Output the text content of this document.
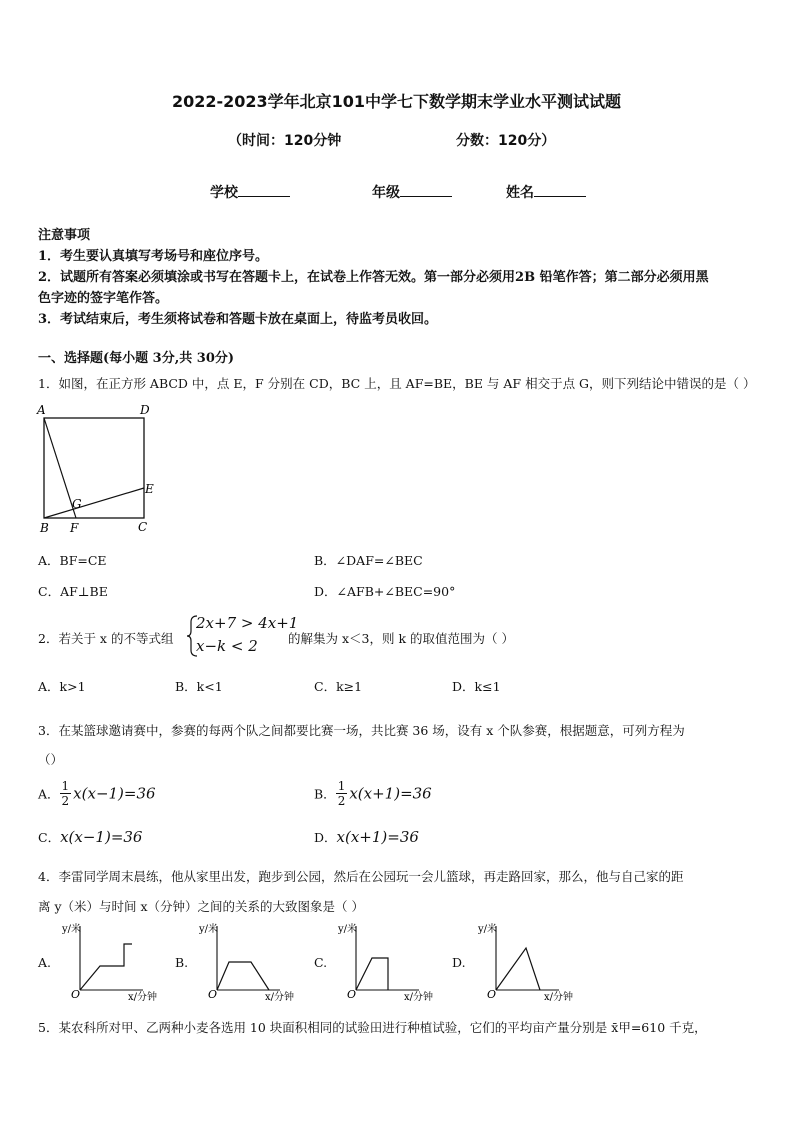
2022-2023学年北京101中学七下数学期末学业水平测试试题
（时间：120分钟	分数：120分）
学校	年级	姓名
注意事项
1．考生要认真填写考场号和座位序号。
2．试题所有答案必须填涂或书写在答题卡上，在试卷上作答无效。第一部分必须用2B 铅笔作答；第二部分必须用黑
色字迹的签字笔作答。
3．考试结束后，考生须将试卷和答题卡放在桌面上，待监考员收回。
一、选择题(每小题 3分,共 30分)
1．如图，在正方形 ABCD 中，点 E，F 分别在 CD，BC 上，且 AF=BE，BE 与 AF 相交于点 G，则下列结论中错误的是（ ）
A	D
B F	C
E
G
A．BF=CE	B．∠DAF=∠BEC
C．AF⊥BE	D．∠AFB+∠BEC=90°
2．若关于 x 的不等式组
2x+7 > 4x+1
x−k < 2 的解集为 x＜3，则 k 的取值范围为（ ）
A．k>1	B．k<1	C．k≥1	D．k≤1
3．在某篮球邀请赛中，参赛的每两个队之间都要比赛一场，共比赛 36 场，设有 x 个队参赛，根据题意，可列方程为
（）
A． $\frac{1}{2} x(x-1)=36$	B． $\frac{1}{2} x(x+1)=36$
C．x(x−1)=36	D．x(x+1)=36
4．李雷同学周末晨练，他从家里出发，跑步到公园，然后在公园玩一会儿篮球，再走路回家，那么，他与自己家的距
离 y（米）与时间 x（分钟）之间的关系的大致图象是（ ）
A.
y/米
O	x/分钟
B.
y/米
O	x/分钟
C.
y/米
O	x/分钟
D.
y/米
O	x/分钟
5．某农科所对甲、乙两种小麦各选用 10 块面积相同的试验田进行种植试验，它们的平均亩产量分别是 x̄甲=610 千克，
